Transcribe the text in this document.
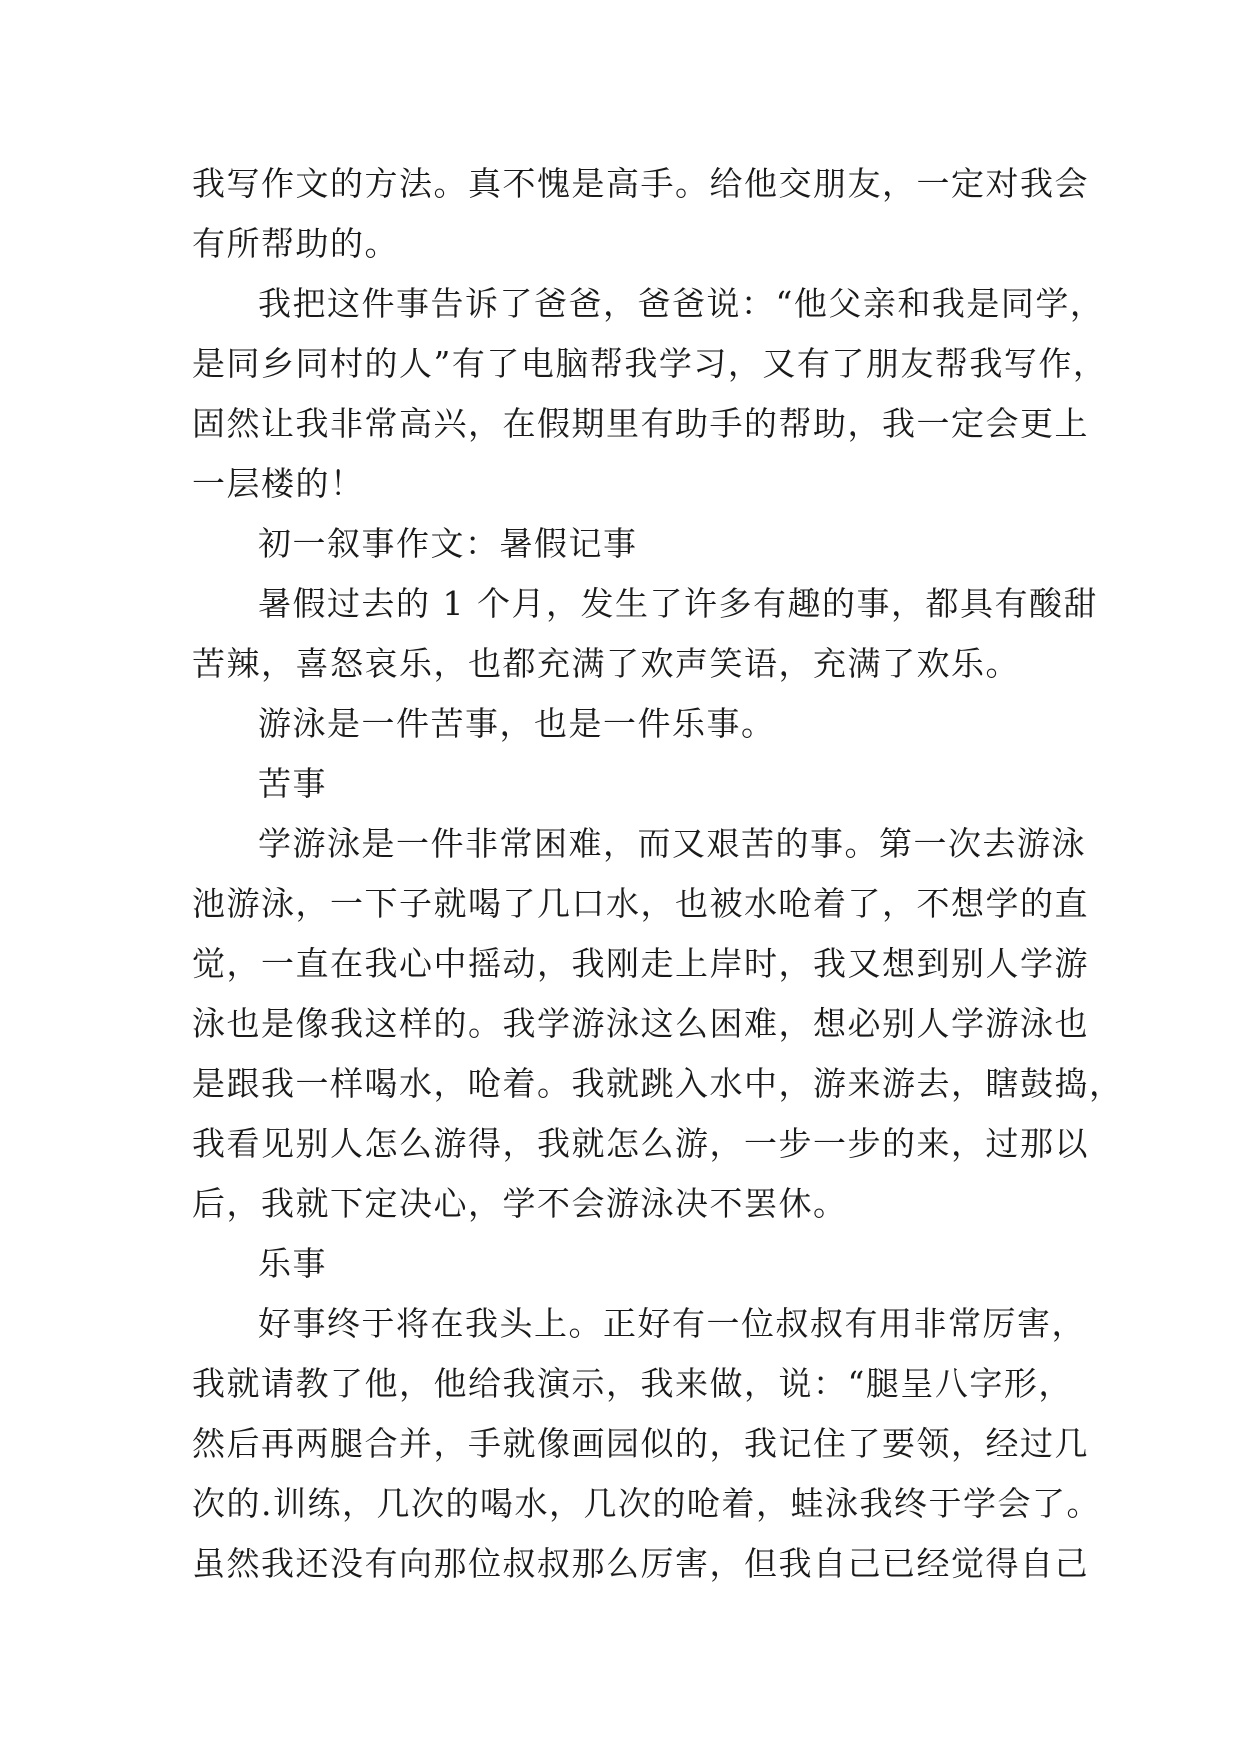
我写作文的方法。真不愧是高手。给他交朋友，一定对我会
有所帮助的。
我把这件事告诉了爸爸，爸爸说：“他父亲和我是同学，
是同乡同村的人”有了电脑帮我学习，又有了朋友帮我写作，
固然让我非常高兴，在假期里有助手的帮助，我一定会更上
一层楼的！
初一叙事作文：暑假记事
暑假过去的 1 个月，发生了许多有趣的事，都具有酸甜
苦辣，喜怒哀乐，也都充满了欢声笑语，充满了欢乐。
游泳是一件苦事，也是一件乐事。
苦事
学游泳是一件非常困难，而又艰苦的事。第一次去游泳
池游泳，一下子就喝了几口水，也被水呛着了，不想学的直
觉，一直在我心中摇动，我刚走上岸时，我又想到别人学游
泳也是像我这样的。我学游泳这么困难，想必别人学游泳也
是跟我一样喝水，呛着。我就跳入水中，游来游去，瞎鼓捣，
我看见别人怎么游得，我就怎么游，一步一步的来，过那以
后，我就下定决心，学不会游泳决不罢休。
乐事
好事终于将在我头上。正好有一位叔叔有用非常厉害，
我就请教了他，他给我演示，我来做，说：“腿呈八字形，
然后再两腿合并，手就像画园似的，我记住了要领，经过几
次的.训练，几次的喝水，几次的呛着，蛙泳我终于学会了。
虽然我还没有向那位叔叔那么厉害，但我自己已经觉得自己
